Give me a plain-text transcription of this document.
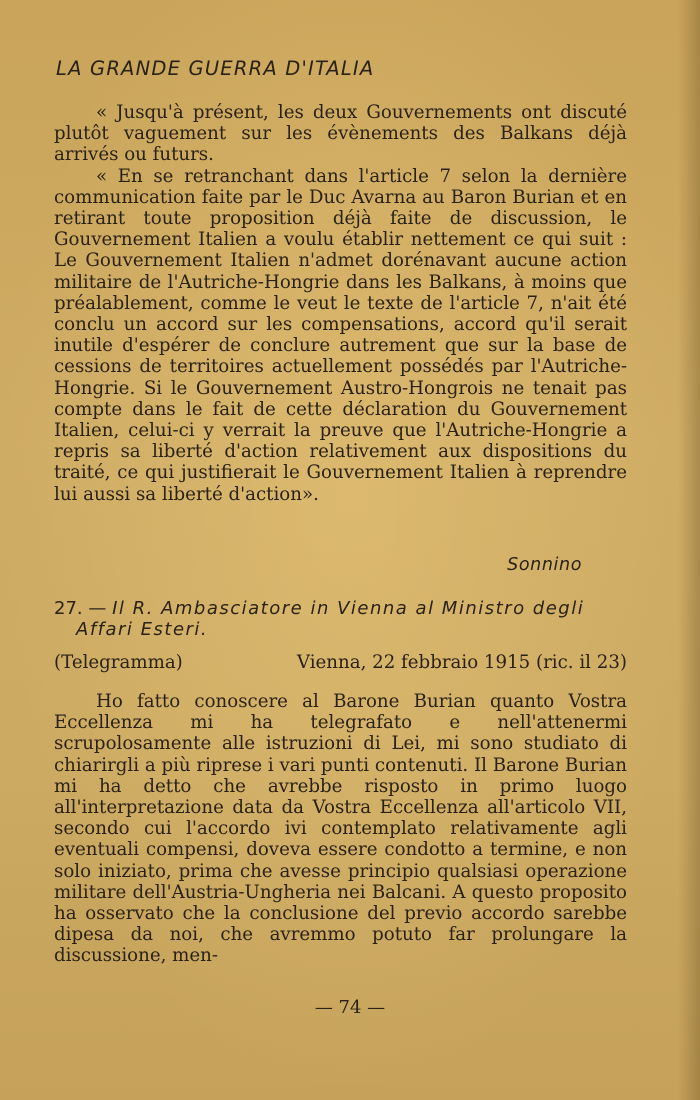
LA GRANDE GUERRA D'ITALIA

« Jusqu'à présent, les deux Gouvernements ont discuté plutôt vaguement sur les évènements des Balkans déjà arrivés ou futurs.

« En se retranchant dans l'article 7 selon la dernière communication faite par le Duc Avarna au Baron Burian et en retirant toute proposition déjà faite de discussion, le Gouvernement Italien a voulu établir nettement ce qui suit : Le Gouvernement Italien n'admet dorénavant aucune action militaire de l'Autriche-Hongrie dans les Balkans, à moins que préalablement, comme le veut le texte de l'article 7, n'ait été conclu un accord sur les compensations, accord qu'il serait inutile d'espérer de conclure autrement que sur la base de cessions de territoires actuellement possédés par l'Autriche-Hongrie. Si le Gouvernement Austro-Hongrois ne tenait pas compte dans le fait de cette déclaration du Gouvernement Italien, celui-ci y verrait la preuve que l'Autriche-Hongrie a repris sa liberté d'action relativement aux dispositions du traité, ce qui justifierait le Gouvernement Italien à reprendre lui aussi sa liberté d'action».

Sonnino
27. — Il R. Ambasciatore in Vienna al Ministro degli
Affari Esteri.
(Telegramma)	Vienna, 22 febbraio 1915 (ric. il 23)

Ho fatto conoscere al Barone Burian quanto Vostra Eccellenza mi ha telegrafato e nell'attenermi scrupolosamente alle istruzioni di Lei, mi sono studiato di chiarirgli a più riprese i vari punti contenuti. Il Barone Burian mi ha detto che avrebbe risposto in primo luogo all'interpretazione data da Vostra Eccellenza all'articolo VII, secondo cui l'accordo ivi contemplato relativamente agli eventuali compensi, doveva essere condotto a termine, e non solo iniziato, prima che avesse principio qualsiasi operazione militare dell'Austria-Ungheria nei Balcani. A questo proposito ha osservato che la conclusione del previo accordo sarebbe dipesa da noi, che avremmo potuto far prolungare la discussione, men-

— 74 —
